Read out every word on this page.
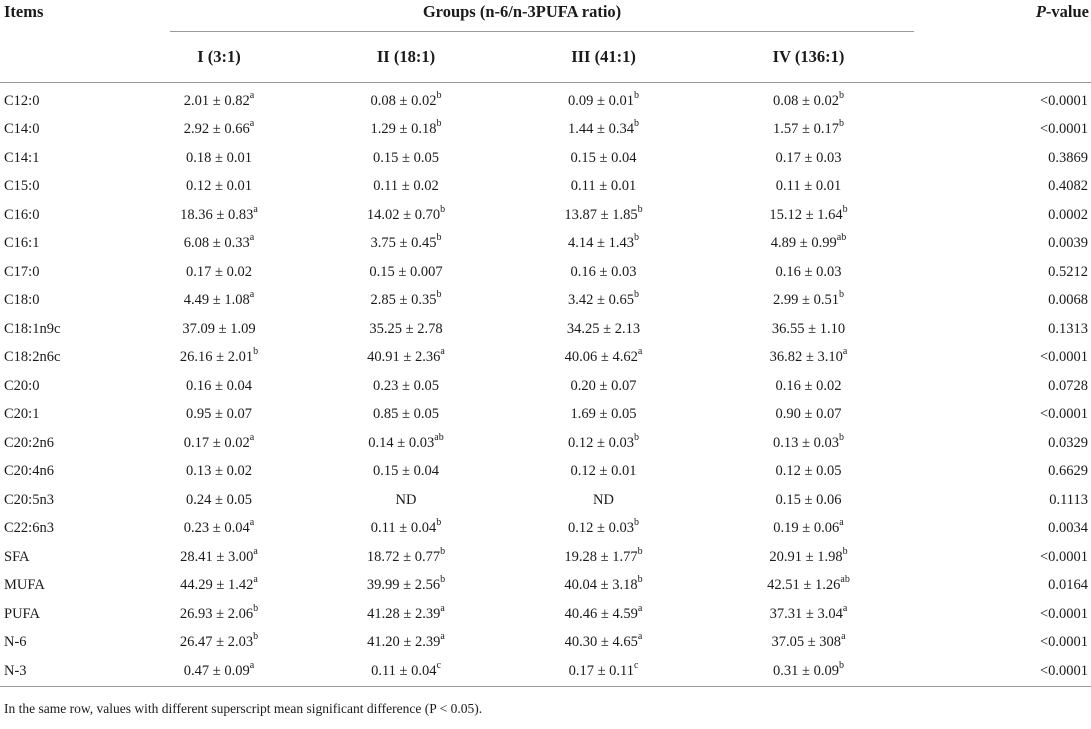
Items	Groups (n-6/n-3PUFA ratio)				P-value
	I (3:1)	II (18:1)	III (41:1)	IV (136:1)	
C12:0	2.01 ± 0.82$^a$	0.08 ± 0.02$^b$	0.09 ± 0.01$^b$	0.08 ± 0.02$^b$	<0.0001
C14:0	2.92 ± 0.66$^a$	1.29 ± 0.18$^b$	1.44 ± 0.34$^b$	1.57 ± 0.17$^b$	<0.0001
C14:1	0.18 ± 0.01	0.15 ± 0.05	0.15 ± 0.04	0.17 ± 0.03	0.3869
C15:0	0.12 ± 0.01	0.11 ± 0.02	0.11 ± 0.01	0.11 ± 0.01	0.4082
C16:0	18.36 ± 0.83$^a$	14.02 ± 0.70$^b$	13.87 ± 1.85$^b$	15.12 ± 1.64$^b$	0.0002
C16:1	6.08 ± 0.33$^a$	3.75 ± 0.45$^b$	4.14 ± 1.43$^b$	4.89 ± 0.99$^{ab}$	0.0039
C17:0	0.17 ± 0.02	0.15 ± 0.007	0.16 ± 0.03	0.16 ± 0.03	0.5212
C18:0	4.49 ± 1.08$^a$	2.85 ± 0.35$^b$	3.42 ± 0.65$^b$	2.99 ± 0.51$^b$	0.0068
C18:1n9c	37.09 ± 1.09	35.25 ± 2.78	34.25 ± 2.13	36.55 ± 1.10	0.1313
C18:2n6c	26.16 ± 2.01$^b$	40.91 ± 2.36$^a$	40.06 ± 4.62$^a$	36.82 ± 3.10$^a$	<0.0001
C20:0	0.16 ± 0.04	0.23 ± 0.05	0.20 ± 0.07	0.16 ± 0.02	0.0728
C20:1	0.95 ± 0.07	0.85 ± 0.05	1.69 ± 0.05	0.90 ± 0.07	<0.0001
C20:2n6	0.17 ± 0.02$^a$	0.14 ± 0.03$^{ab}$	0.12 ± 0.03$^b$	0.13 ± 0.03$^b$	0.0329
C20:4n6	0.13 ± 0.02	0.15 ± 0.04	0.12 ± 0.01	0.12 ± 0.05	0.6629
C20:5n3	0.24 ± 0.05	ND	ND	0.15 ± 0.06	0.1113
C22:6n3	0.23 ± 0.04$^a$	0.11 ± 0.04$^b$	0.12 ± 0.03$^b$	0.19 ± 0.06$^a$	0.0034
SFA	28.41 ± 3.00$^a$	18.72 ± 0.77$^b$	19.28 ± 1.77$^b$	20.91 ± 1.98$^b$	<0.0001
MUFA	44.29 ± 1.42$^a$	39.99 ± 2.56$^b$	40.04 ± 3.18$^b$	42.51 ± 1.26$^{ab}$	0.0164
PUFA	26.93 ± 2.06$^b$	41.28 ± 2.39$^a$	40.46 ± 4.59$^a$	37.31 ± 3.04$^a$	<0.0001
N-6	26.47 ± 2.03$^b$	41.20 ± 2.39$^a$	40.30 ± 4.65$^a$	$37.05 \pm 308^a$	<0.0001
N-3	0.47 ± 0.09$^a$	0.11 ± 0.04$^c$	0.17 ± 0.11$^c$	0.31 ± 0.09$^b$	<0.0001
In the same row, values with different superscript mean significant difference (P < 0.05).
